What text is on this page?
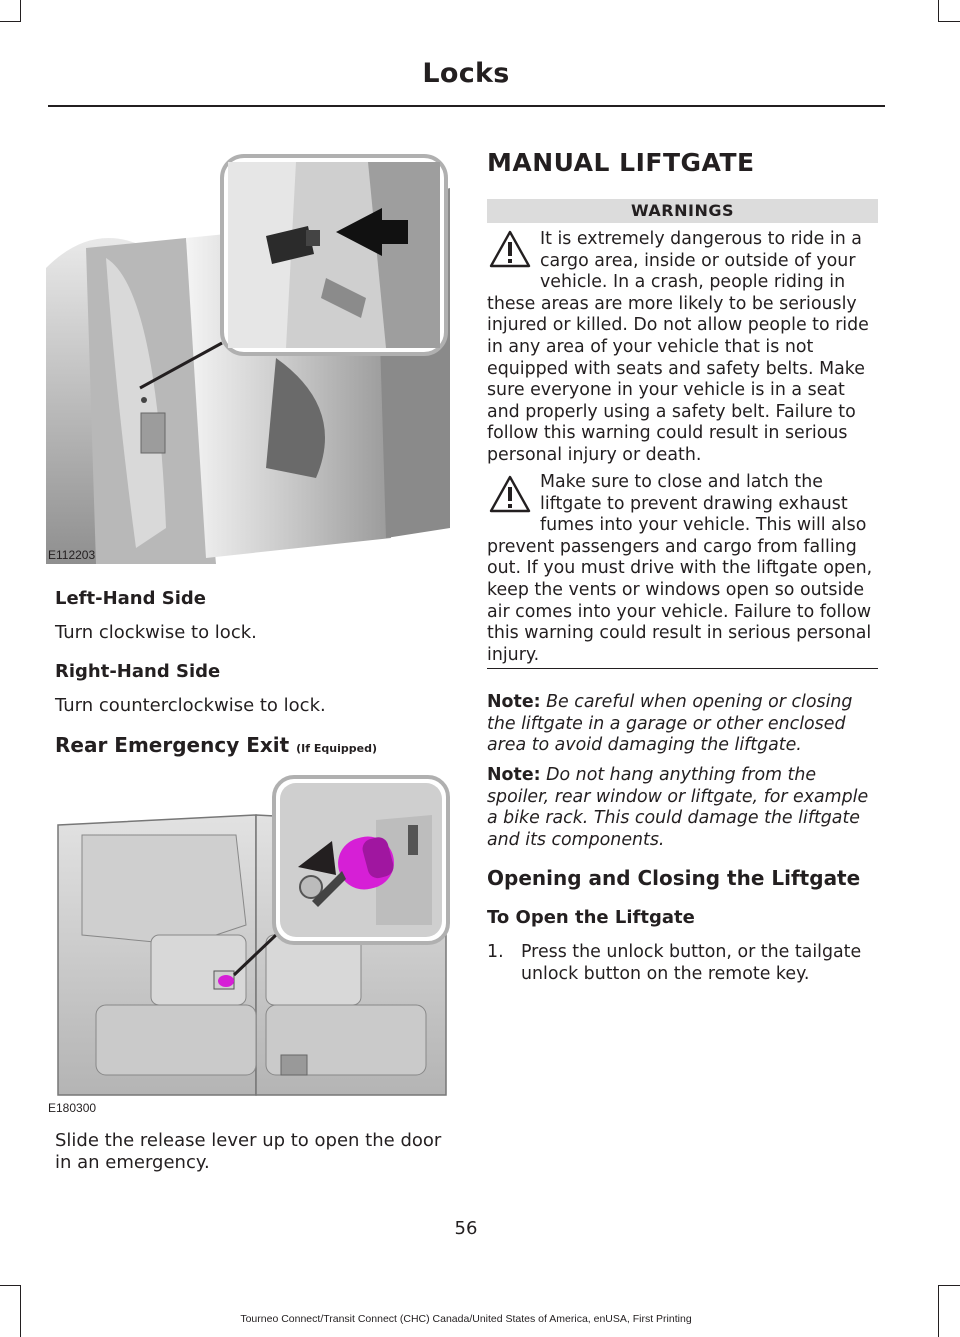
Locks
E112203
Left-Hand Side
Turn clockwise to lock.
Right-Hand Side
Turn counterclockwise to lock.
Rear Emergency Exit (If Equipped)
E180300
Slide the release lever up to open the door in an emergency.
MANUAL LIFTGATE
WARNINGS
It is extremely dangerous to ride in a cargo area, inside or outside of your vehicle. In a crash, people riding in
these areas are more likely to be seriously injured or killed. Do not allow people to ride in any area of your vehicle that is not equipped with seats and safety belts. Make sure everyone in your vehicle is in a seat and properly using a safety belt. Failure to follow this warning could result in serious personal injury or death.
Make sure to close and latch the liftgate to prevent drawing exhaust fumes into your vehicle. This will also
prevent passengers and cargo from falling out. If you must drive with the liftgate open, keep the vents or windows open so outside air comes into your vehicle. Failure to follow this warning could result in serious personal injury.
Note: Be careful when opening or closing the liftgate in a garage or other enclosed area to avoid damaging the liftgate.
Note: Do not hang anything from the spoiler, rear window or liftgate, for example a bike rack. This could damage the liftgate and its components.
Opening and Closing the Liftgate
To Open the Liftgate
1.	Press the unlock button, or the tailgate unlock button on the remote key.
56
Tourneo Connect/Transit Connect (CHC) Canada/United States of America, enUSA, First Printing
